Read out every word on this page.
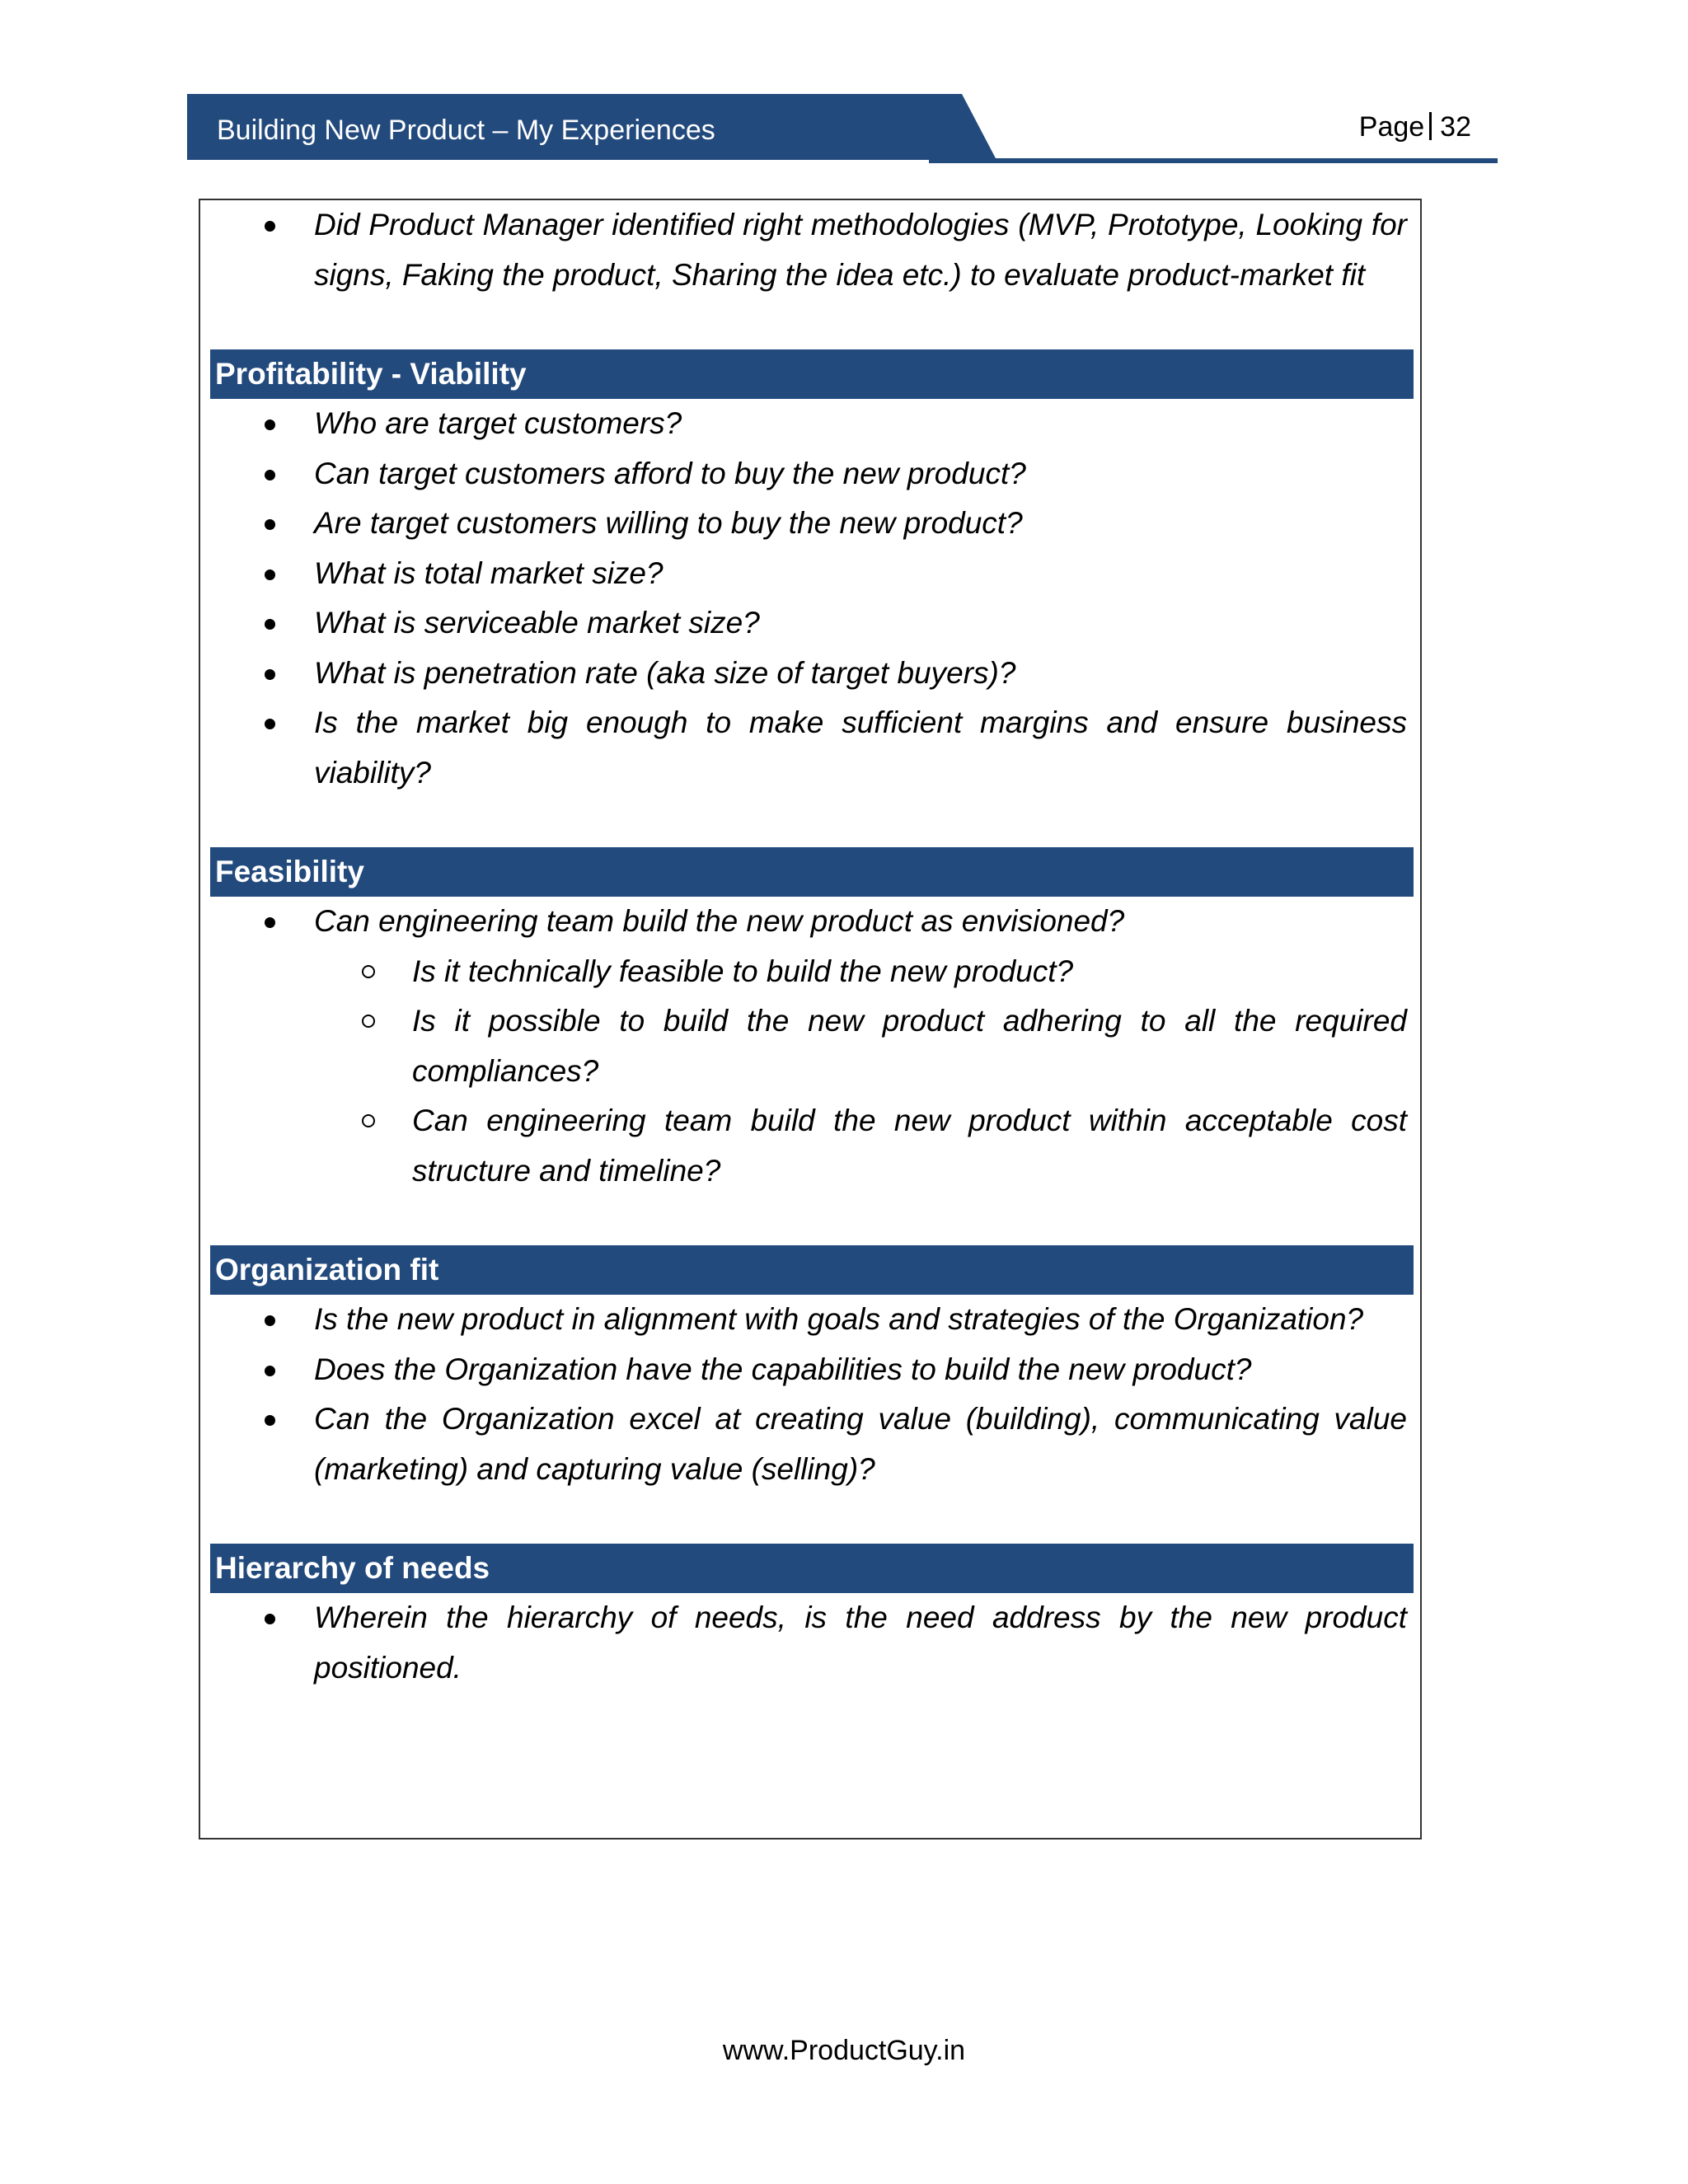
Building New Product – My Experiences	Page 32
Did Product Manager identified right methodologies (MVP, Prototype, Looking for signs, Faking the product, Sharing the idea etc.) to evaluate product-market fit
Profitability - Viability
Who are target customers?
Can target customers afford to buy the new product?
Are target customers willing to buy the new product?
What is total market size?
What is serviceable market size?
What is penetration rate (aka size of target buyers)?
Is the market big enough to make sufficient margins and ensure business viability?
Feasibility
Can engineering team build the new product as envisioned?
Is it technically feasible to build the new product?
Is it possible to build the new product adhering to all the required compliances?
Can engineering team build the new product within acceptable cost structure and timeline?
Organization fit
Is the new product in alignment with goals and strategies of the Organization?
Does the Organization have the capabilities to build the new product?
Can the Organization excel at creating value (building), communicating value (marketing) and capturing value (selling)?
Hierarchy of needs
Wherein the hierarchy of needs, is the need address by the new product positioned.
www.ProductGuy.in
